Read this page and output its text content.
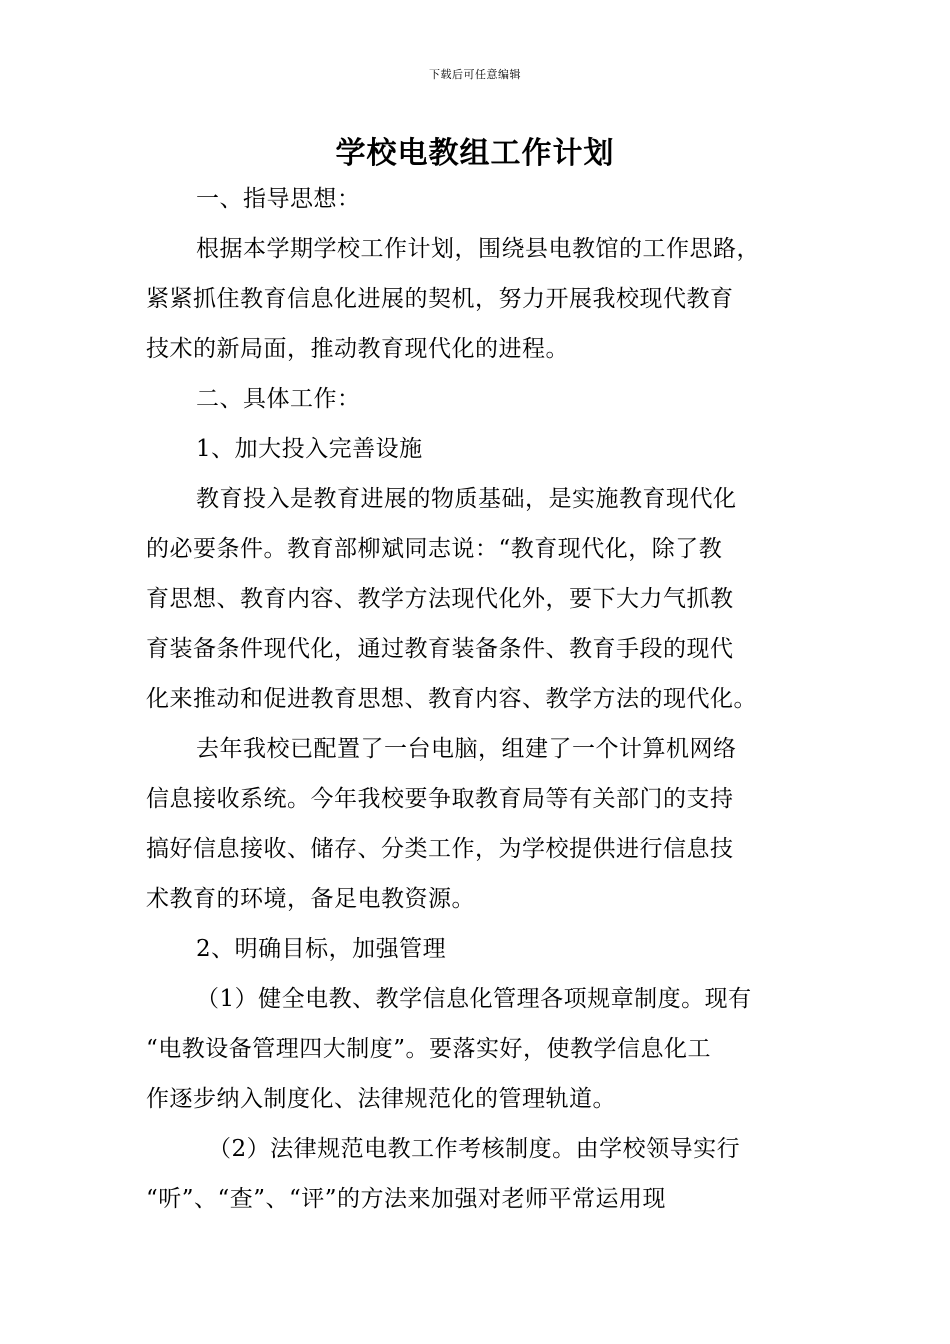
下载后可任意编辑
学校电教组工作计划
一、指导思想：
根据本学期学校工作计划，围绕县电教馆的工作思路，
紧紧抓住教育信息化进展的契机，努力开展我校现代教育
技术的新局面，推动教育现代化的进程。
二、具体工作：
1、加大投入完善设施
教育投入是教育进展的物质基础，是实施教育现代化
的必要条件。教育部柳斌同志说：“教育现代化，除了教
育思想、教育内容、教学方法现代化外，要下大力气抓教
育装备条件现代化，通过教育装备条件、教育手段的现代
化来推动和促进教育思想、教育内容、教学方法的现代化。
去年我校已配置了一台电脑，组建了一个计算机网络
信息接收系统。今年我校要争取教育局等有关部门的支持
搞好信息接收、储存、分类工作，为学校提供进行信息技
术教育的环境，备足电教资源。
2、明确目标，加强管理
（1）健全电教、教学信息化管理各项规章制度。现有
“电教设备管理四大制度”。要落实好，使教学信息化工
作逐步纳入制度化、法律规范化的管理轨道。
（2）法律规范电教工作考核制度。由学校领导实行
“听”、“查”、“评”的方法来加强对老师平常运用现
